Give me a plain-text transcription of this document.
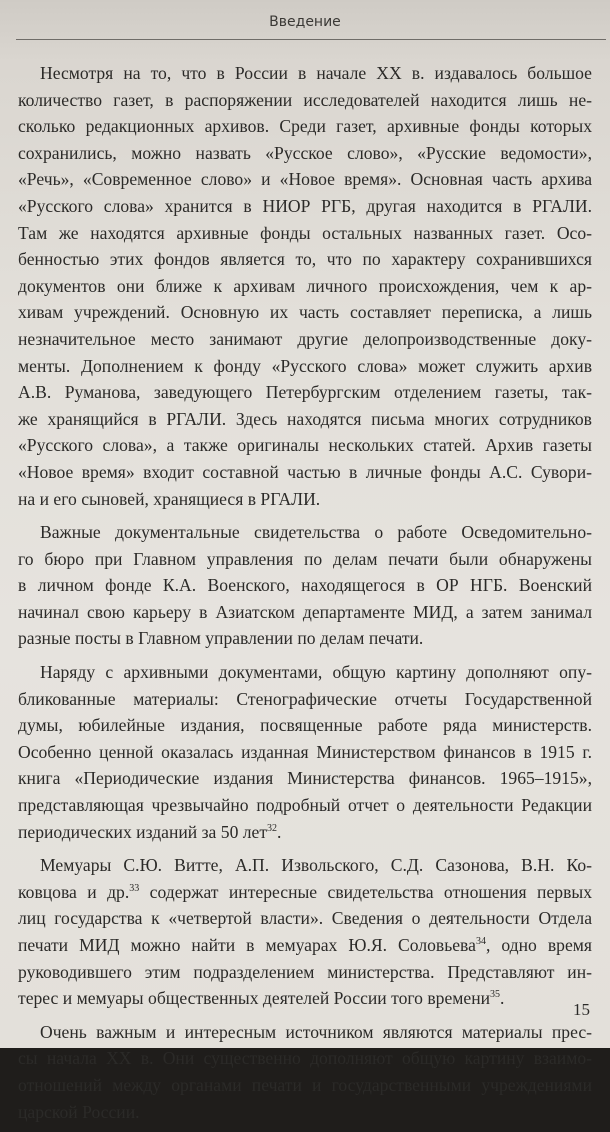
Введение

Несмотря на то, что в России в начале XX в. издавалось большое
количество газет, в распоряжении исследователей находится лишь не-
сколько редакционных архивов. Среди газет, архивные фонды которых
сохранились, можно назвать «Русское слово», «Русские ведомости»,
«Речь», «Современное слово» и «Новое время». Основная часть архива
«Русского слова» хранится в НИОР РГБ, другая находится в РГАЛИ.
Там же находятся архивные фонды остальных названных газет. Осо-
бенностью этих фондов является то, что по характеру сохранившихся
документов они ближе к архивам личного происхождения, чем к ар-
хивам учреждений. Основную их часть составляет переписка, а лишь
незначительное место занимают другие делопроизводственные доку-
менты. Дополнением к фонду «Русского слова» может служить архив
А.В. Руманова, заведующего Петербургским отделением газеты, так-
же хранящийся в РГАЛИ. Здесь находятся письма многих сотрудников
«Русского слова», а также оригиналы нескольких статей. Архив газеты
«Новое время» входит составной частью в личные фонды А.С. Сувори-
на и его сыновей, хранящиеся в РГАЛИ.

Важные документальные свидетельства о работе Осведомительно-
го бюро при Главном управления по делам печати были обнаружены
в личном фонде К.А. Военского, находящегося в ОР НГБ. Военский
начинал свою карьеру в Азиатском департаменте МИД, а затем занимал
разные посты в Главном управлении по делам печати.

Наряду с архивными документами, общую картину дополняют опу-
бликованные материалы: Стенографические отчеты Государственной
думы, юбилейные издания, посвященные работе ряда министерств.
Особенно ценной оказалась изданная Министерством финансов в 1915 г.
книга «Периодические издания Министерства финансов. 1965–1915»,
представляющая чрезвычайно подробный отчет о деятельности Редакции
периодических изданий за 50 лет$^{32}$.

Мемуары С.Ю. Витте, А.П. Извольского, С.Д. Сазонова, В.Н. Ко-
ковцова и др.$^{33}$ содержат интересные свидетельства отношения первых
лиц государства к «четвертой власти». Сведения о деятельности Отдела
печати МИД можно найти в мемуарах Ю.Я. Соловьева$^{34}$, одно время
руководившего этим подразделением министерства. Представляют ин-
терес и мемуары общественных деятелей России того времени$^{35}$.

Очень важным и интересным источником являются материалы прес-
сы начала XX в. Они существенно дополняют общую картину взаимо-
отношений между органами печати и государственными учреждениями
царской России.

15
